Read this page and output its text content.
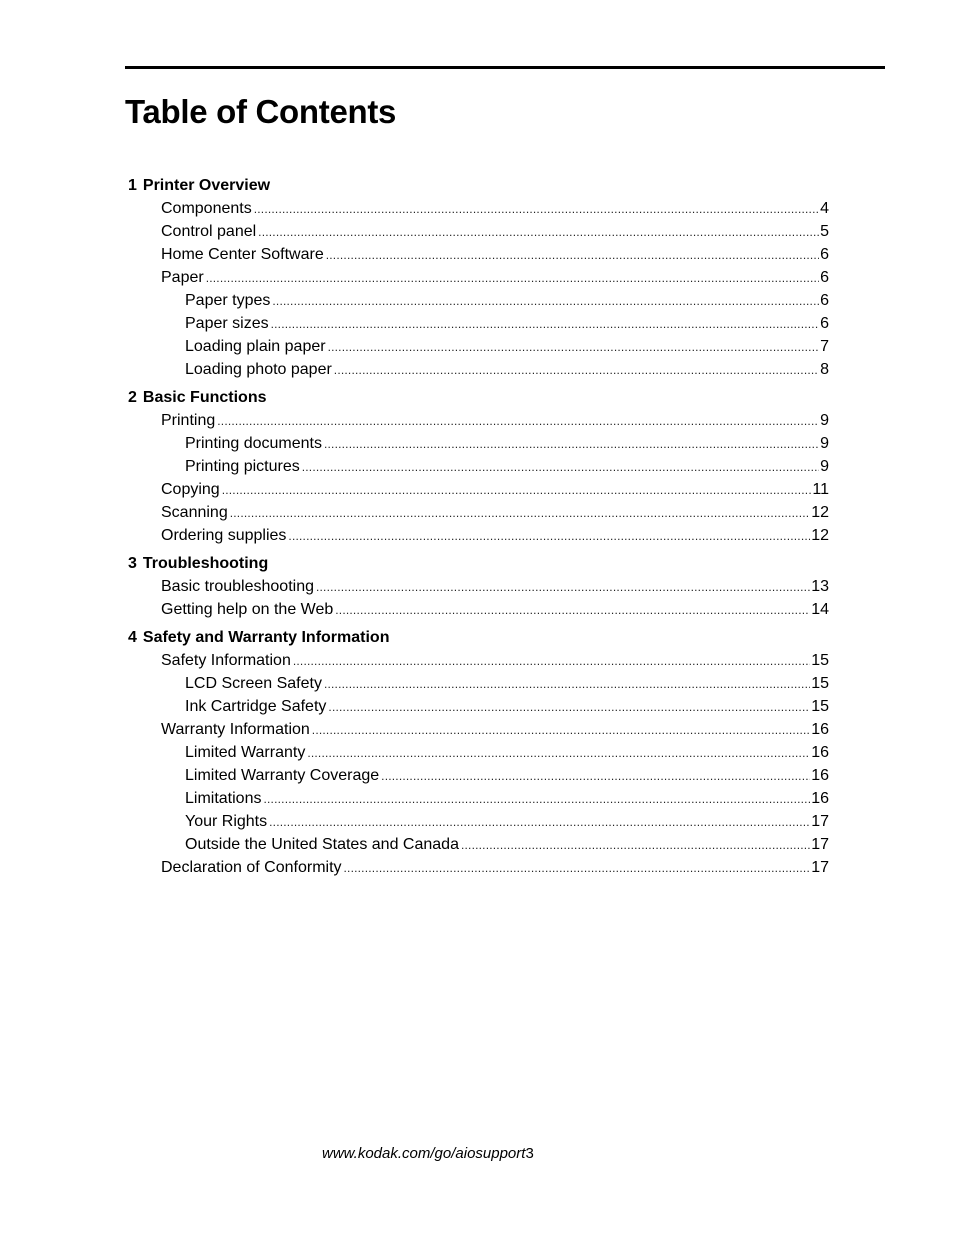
Table of Contents
1 Printer Overview
Components .....	4
Control panel .....	5
Home Center Software .....	6
Paper .....	6
Paper types .....	6
Paper sizes .....	6
Loading plain paper .....	7
Loading photo paper .....	8
2 Basic Functions
Printing .....	9
Printing documents .....	9
Printing pictures .....	9
Copying .....	11
Scanning .....	12
Ordering supplies .....	12
3 Troubleshooting
Basic troubleshooting .....	13
Getting help on the Web .....	14
4 Safety and Warranty Information
Safety Information .....	15
LCD Screen Safety .....	15
Ink Cartridge Safety .....	15
Warranty Information .....	16
Limited Warranty .....	16
Limited Warranty Coverage .....	16
Limitations .....	16
Your Rights .....	17
Outside the United States and Canada .....	17
Declaration of Conformity .....	17
www.kodak.com/go/aiosupport3
